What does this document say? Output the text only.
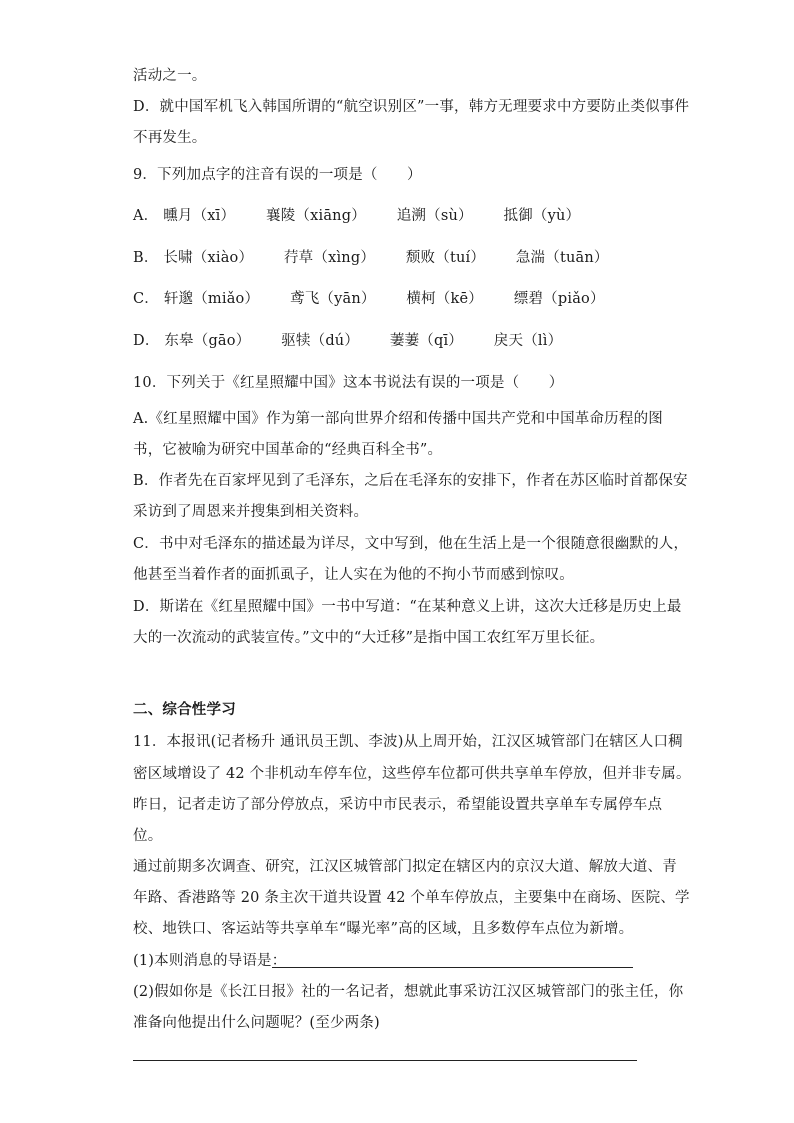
活动之一。
D．就中国军机飞入韩国所谓的“航空识别区”一事，韩方无理要求中方要防止类似事件
不再发生。
9．下列加点字的注音有误的一项是（　　）
A． 曛月（xī） 襄陵（xiāng） 追溯（sù） 抵御（yù）
B． 长啸（xiào） 荇草（xìng） 颓败（tuí） 急湍（tuān）
C． 轩邈（miǎo） 鸢飞（yān） 横柯（kē） 缥碧（piǎo）
D． 东皋（gāo） 驱犊（dú） 萋萋（qī） 戾天（lì）
10．下列关于《红星照耀中国》这本书说法有误的一项是（　　）
A.《红星照耀中国》作为第一部向世界介绍和传播中国共产党和中国革命历程的图
书，它被喻为研究中国革命的“经典百科全书”。
B．作者先在百家坪见到了毛泽东，之后在毛泽东的安排下，作者在苏区临时首都保安
采访到了周恩来并搜集到相关资料。
C．书中对毛泽东的描述最为详尽，文中写到，他在生活上是一个很随意很幽默的人，
他甚至当着作者的面抓虱子，让人实在为他的不拘小节而感到惊叹。
D．斯诺在《红星照耀中国》一书中写道：“在某种意义上讲，这次大迁移是历史上最
大的一次流动的武装宣传。”文中的“大迁移”是指中国工农红军万里长征。
二、综合性学习
11．本报讯(记者杨升 通讯员王凯、李波)从上周开始，江汉区城管部门在辖区人口稠
密区域增设了 42 个非机动车停车位，这些停车位都可供共享单车停放，但并非专属。
昨日，记者走访了部分停放点，采访中市民表示，希望能设置共享单车专属停车点
位。
通过前期多次调查、研究，江汉区城管部门拟定在辖区内的京汉大道、解放大道、青
年路、香港路等 20 条主次干道共设置 42 个单车停放点，主要集中在商场、医院、学
校、地铁口、客运站等共享单车“曝光率”高的区域，且多数停车点位为新增。
(1)本则消息的导语是：
(2)假如你是《长江日报》社的一名记者，想就此事采访江汉区城管部门的张主任，你
准备向他提出什么问题呢？(至少两条)
